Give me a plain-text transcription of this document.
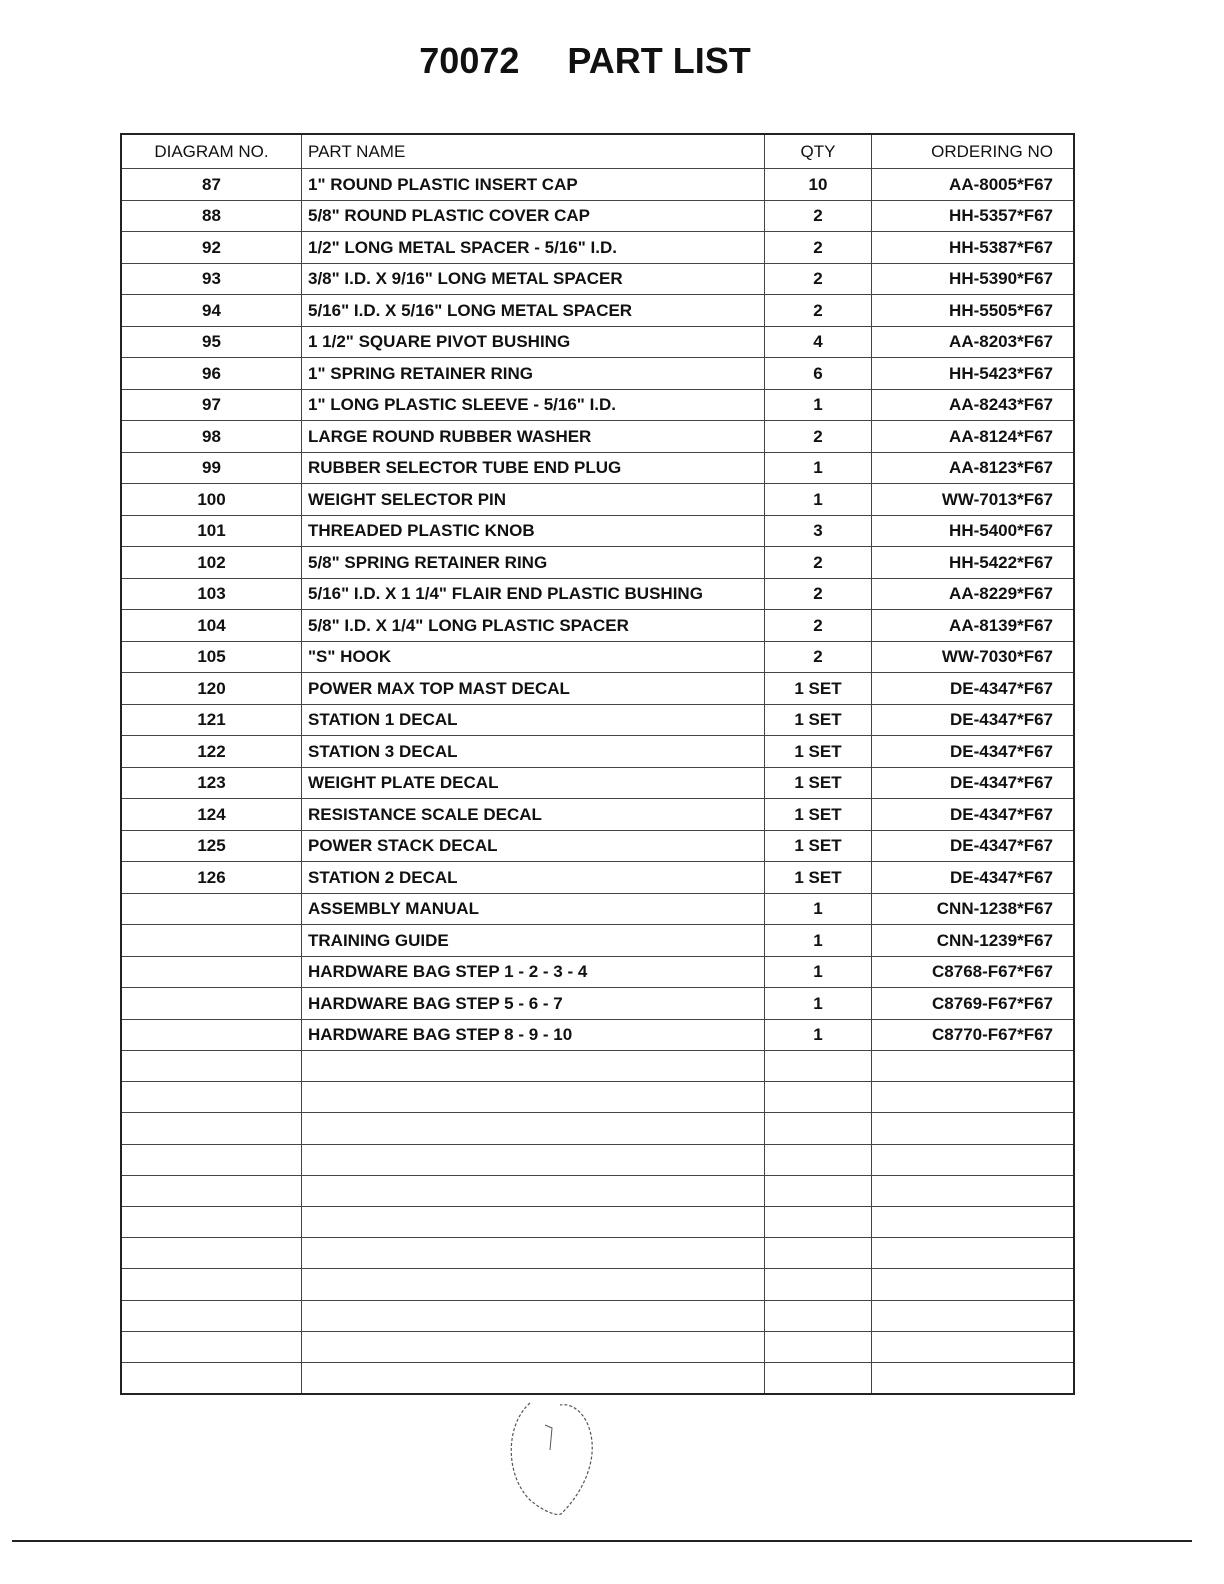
70072 PART LIST
DIAGRAM NO.	PART NAME	QTY	ORDERING NO
87	1" ROUND PLASTIC INSERT CAP	10	AA-8005*F67
88	5/8" ROUND PLASTIC COVER CAP	2	HH-5357*F67
92	1/2" LONG METAL SPACER - 5/16" I.D.	2	HH-5387*F67
93	3/8" I.D. X 9/16" LONG METAL SPACER	2	HH-5390*F67
94	5/16" I.D. X 5/16" LONG METAL SPACER	2	HH-5505*F67
95	1 1/2" SQUARE PIVOT BUSHING	4	AA-8203*F67
96	1" SPRING RETAINER RING	6	HH-5423*F67
97	1" LONG PLASTIC SLEEVE - 5/16" I.D.	1	AA-8243*F67
98	LARGE ROUND RUBBER WASHER	2	AA-8124*F67
99	RUBBER SELECTOR TUBE END PLUG	1	AA-8123*F67
100	WEIGHT SELECTOR PIN	1	WW-7013*F67
101	THREADED PLASTIC KNOB	3	HH-5400*F67
102	5/8" SPRING RETAINER RING	2	HH-5422*F67
103	5/16" I.D. X 1 1/4" FLAIR END PLASTIC BUSHING	2	AA-8229*F67
104	5/8" I.D. X 1/4" LONG PLASTIC SPACER	2	AA-8139*F67
105	"S" HOOK	2	WW-7030*F67
120	POWER MAX TOP MAST DECAL	1 SET	DE-4347*F67
121	STATION 1 DECAL	1 SET	DE-4347*F67
122	STATION 3 DECAL	1 SET	DE-4347*F67
123	WEIGHT PLATE DECAL	1 SET	DE-4347*F67
124	RESISTANCE SCALE DECAL	1 SET	DE-4347*F67
125	POWER STACK DECAL	1 SET	DE-4347*F67
126	STATION 2 DECAL	1 SET	DE-4347*F67
	ASSEMBLY MANUAL	1	CNN-1238*F67
	TRAINING GUIDE	1	CNN-1239*F67
	HARDWARE BAG STEP 1 - 2 - 3 - 4	1	C8768-F67*F67
	HARDWARE BAG STEP 5 - 6 - 7	1	C8769-F67*F67
	HARDWARE BAG STEP 8 - 9 - 10	1	C8770-F67*F67
